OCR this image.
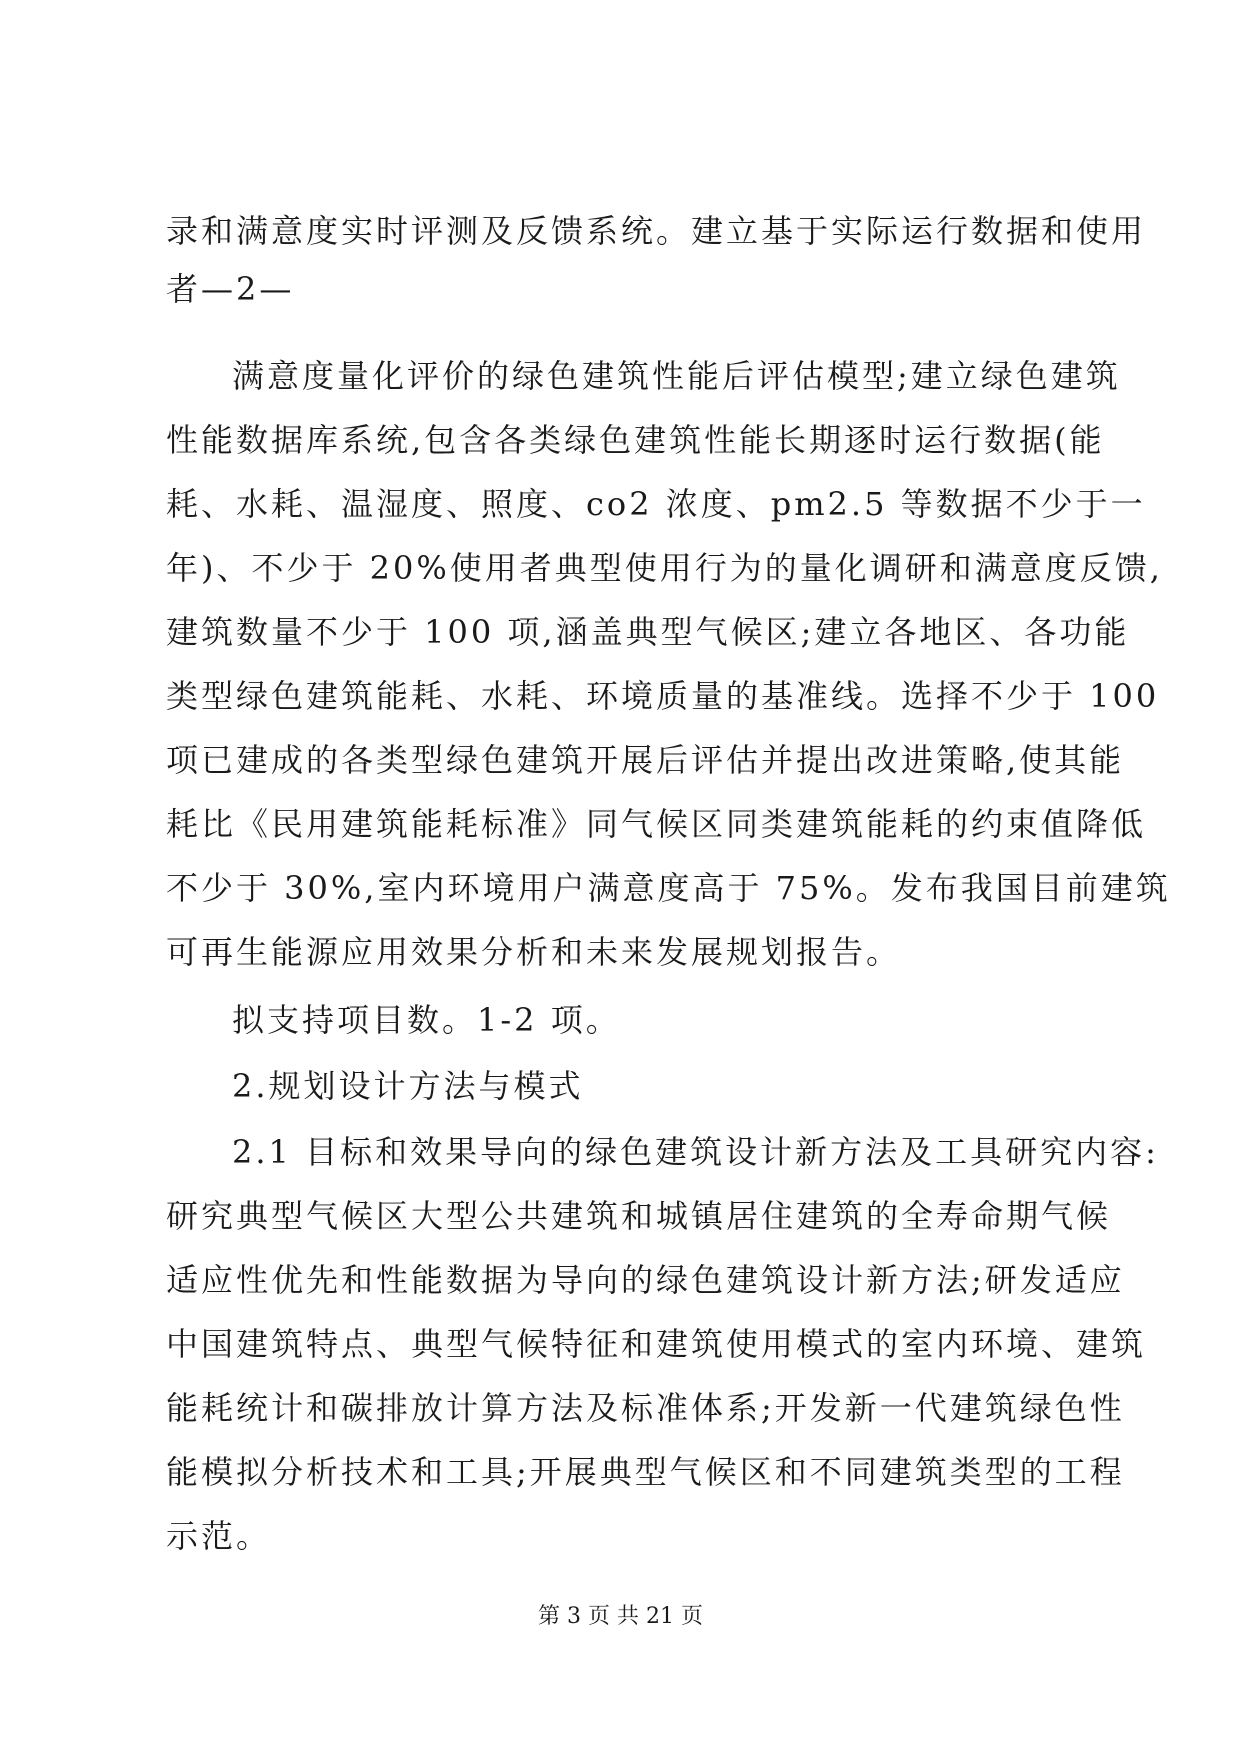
录和满意度实时评测及反馈系统。建立基于实际运行数据和使用
者—2—
满意度量化评价的绿色建筑性能后评估模型;建立绿色建筑
性能数据库系统,包含各类绿色建筑性能长期逐时运行数据(能
耗、水耗、温湿度、照度、co2 浓度、pm2.5 等数据不少于一
年)、不少于 20%使用者典型使用行为的量化调研和满意度反馈,
建筑数量不少于 100 项,涵盖典型气候区;建立各地区、各功能
类型绿色建筑能耗、水耗、环境质量的基准线。选择不少于 100
项已建成的各类型绿色建筑开展后评估并提出改进策略,使其能
耗比《民用建筑能耗标准》同气候区同类建筑能耗的约束值降低
不少于 30%,室内环境用户满意度高于 75%。发布我国目前建筑
可再生能源应用效果分析和未来发展规划报告。
拟支持项目数。1-2 项。
2.规划设计方法与模式
2.1 目标和效果导向的绿色建筑设计新方法及工具研究内容:
研究典型气候区大型公共建筑和城镇居住建筑的全寿命期气候
适应性优先和性能数据为导向的绿色建筑设计新方法;研发适应
中国建筑特点、典型气候特征和建筑使用模式的室内环境、建筑
能耗统计和碳排放计算方法及标准体系;开发新一代建筑绿色性
能模拟分析技术和工具;开展典型气候区和不同建筑类型的工程
示范。
第 3 页 共 21 页
